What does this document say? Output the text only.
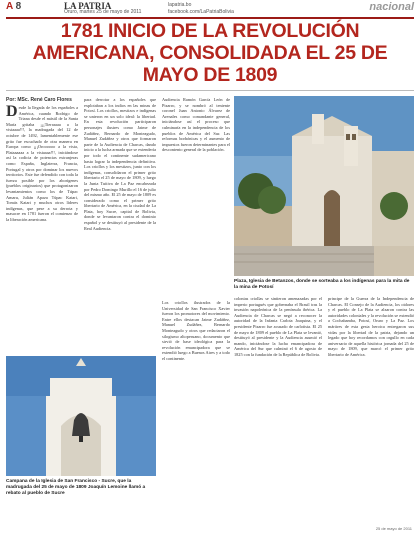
A 8	LA PATRIA
Oruro, martes 25 de mayo de 2011
lapatria.bo
facebook.com/LaPatriaBolivia	nacional
1781 INICIO DE LA REVOLUCIÓN AMERICANA, CONSOLIDADA EL 25 DE MAYO DE 1809
Por: MSc. René Caro Flores
Desde la llegada de los españoles a América, cuando Rodrigo de Triana desde el mástil de la Santa María gritaba ¡¡¡Tierraaaa a la vistaaaa!!!, la madrugada del 12 de octubre de 1492, lamentablemente ese grito fue escuchado de otra manera en Europa como ¡¡¡Oroooooo a la vista, Plataaaaaa a la vistaaaa!!!, iniciándose así la codicia de potencias extranjeras como España, Inglaterra, Francia, Portugal y otros por dominar los nuevos territorios. Este fue defendido con toda la fuerza posible por los aborígenes (pueblos originarios) que protagonizaron levantamientos como los de Túpac Amaru, Julián Apaza Túpac Katari, Tomás Katari y muchos otros líderes indígenas, que pese a su derrota y masacre en 1781 fueron el comienzo de la liberación americana.
para derrotar a los españoles que explotaban a los indios en las minas de Potosí. Los criollos, mestizos e indígenas se unieron en un solo ideal: la libertad. En esta revolución participaron personajes ilustres como Jaime de Zudáñez, Bernardo de Monteagudo, Manuel Zudáñez y otros que formaron parte de la Audiencia de Charcas, dando inicio a la lucha armada que se extendería por todo el continente sudamericano hasta lograr la independencia definitiva. Los criollos y los mestizos, junto con los indígenas, consolidaron el primer grito libertario el 25 de mayo de 1809, y luego la Junta Tuitiva de La Paz encabezada por Pedro Domingo Murillo el 16 de julio del mismo año. El 25 de mayo de 1809 es considerado como el primer grito libertario de América, en la ciudad de La Plata, hoy Sucre, capital de Bolivia, donde se levantaron contra el dominio español y se destituyó al presidente de la Real Audiencia.
Audiencia Ramón García León de Pizarro, y se nombró al teniente coronel Juan Antonio Álvarez de Arenales como comandante general, iniciándose así el proceso que culminaría en la independencia de los pueblos de América del Sur. Las reformas borbónicas y el aumento de impuestos fueron determinantes para el descontento general de la población.
Plaza, Iglesia de Betanzos, donde se sorteaba a los indígenas para la mita de la mina de Potosí
Los criollos ilustrados de la Universidad de San Francisco Xavier fueron los promotores del movimiento. Entre ellos destacan Jaime Zudáñez, Manuel Zudáñez, Bernardo Monteagudo y otros que redactaron el silogismo altoperuano, documento que sirvió de base ideológica para la revolución emancipadora que se extendió luego a Buenos Aires y a todo el continente.
colonias criollas se sintieron amenazadas por el imperio portugués que gobernaba el Brasil tras la invasión napoleónica de la península ibérica. La Audiencia de Charcas se negó a reconocer la autoridad de la Infanta Carlota Joaquina, y el presidente Pizarro fue acusado de carlotista. El 25 de mayo de 1809 el pueblo de La Plata se levantó, destituyó al presidente y la Audiencia asumió el mando, iniciándose la lucha emancipadora de América del Sur que culminó el 6 de agosto de 1825 con la fundación de la República de Bolivia.
principe de la Guerra de la Independencia de Charcas. El Consejo de la Audiencia, los oidores y el pueblo de La Plata se alzaron contra las autoridades coloniales y la revolución se extendió a Cochabamba, Potosí, Oruro y La Paz. Los mártires de esta gesta heroica entregaron sus vidas por la libertad de la patria, dejando un legado que hoy recordamos con orgullo en cada aniversario de aquella histórica jornada del 25 de mayo de 1809, que marcó el primer grito libertario de América.
Campana de la Iglesia de San Francisco - Sucre, que la madrugada del 25 de mayo de 1809 Joaquín Lemoine llamó a rebato al pueblo de Sucre
25 de mayo de 2011
